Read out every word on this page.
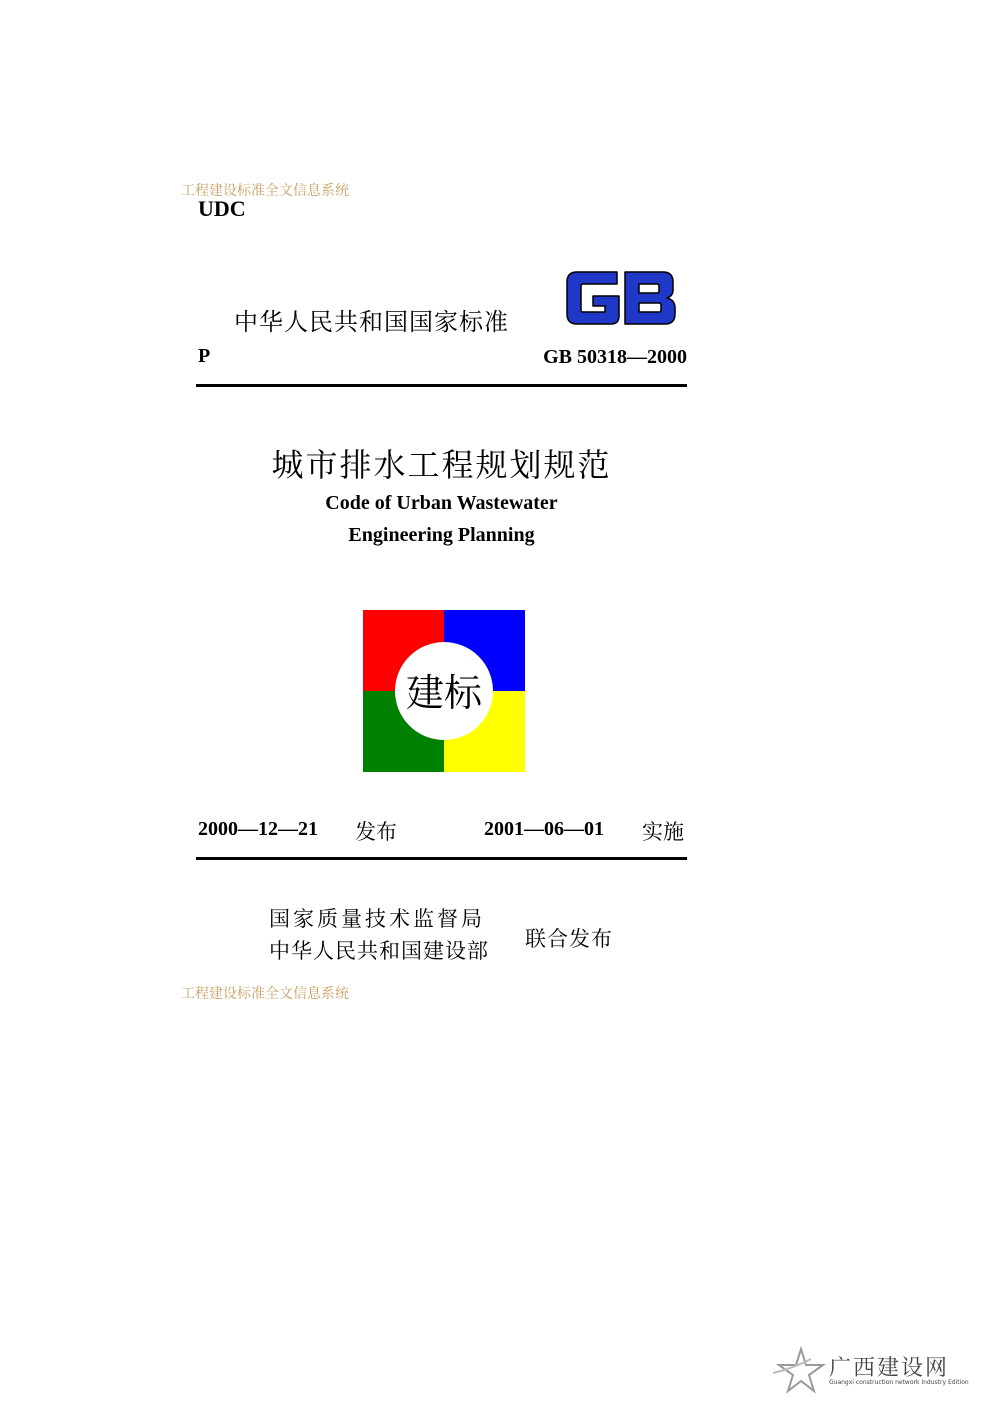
工程建设标准全文信息系统
UDC
中华人民共和国国家标准
P	GB 50318—2000
城市排水工程规划规范
Code of Urban Wastewater
Engineering Planning
建标
2000—12—21 发布	2001—06—01 实施
国家质量技术监督局
中华人民共和国建设部 联合发布
工程建设标准全文信息系统
广西建设网
Guangxi construction network Industry Edition
